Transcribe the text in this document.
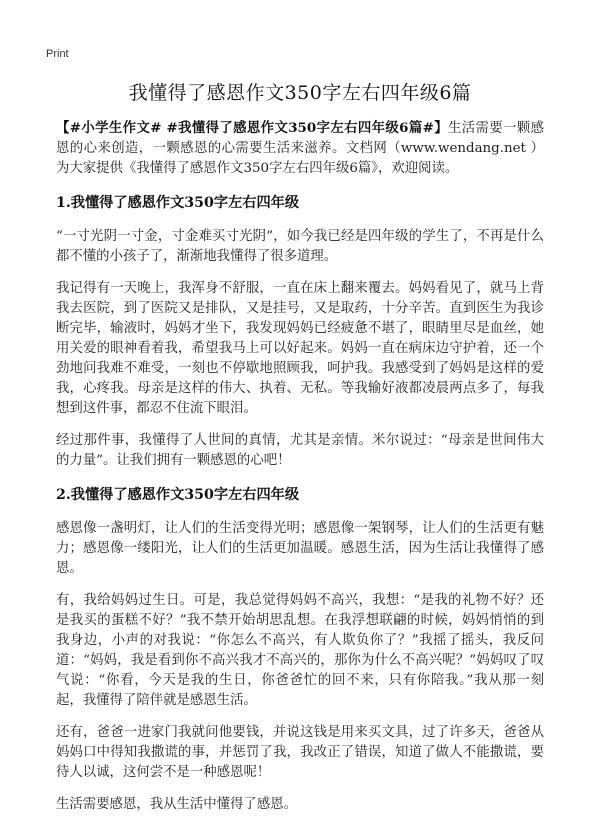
Print
我懂得了感恩作文350字左右四年级6篇

【#小学生作文# #我懂得了感恩作文350字左右四年级6篇#】生活需要一颗感恩的心来创造，一颗感恩的心需要生活来滋养。文档网（www.wendang.net ）为大家提供《我懂得了感恩作文350字左右四年级6篇》，欢迎阅读。

1.我懂得了感恩作文350字左右四年级

“一寸光阴一寸金，寸金难买寸光阴”，如今我已经是四年级的学生了，不再是什么都不懂的小孩子了，渐渐地我懂得了很多道理。

我记得有一天晚上，我浑身不舒服，一直在床上翻来覆去。妈妈看见了，就马上背我去医院，到了医院又是排队，又是挂号，又是取药，十分辛苦。直到医生为我诊断完毕，输液时，妈妈才坐下，我发现妈妈已经疲惫不堪了，眼睛里尽是血丝，她用关爱的眼神看着我，希望我马上可以好起来。妈妈一直在病床边守护着，还一个劲地问我难不难受，一刻也不停歇地照顾我，呵护我。我感受到了妈妈是这样的爱我，心疼我。母亲是这样的伟大、执着、无私。等我输好液都凌晨两点多了，每我想到这件事，都忍不住流下眼泪。

经过那件事，我懂得了人世间的真情，尤其是亲情。米尔说过：“母亲是世间伟大的力量”。让我们拥有一颗感恩的心吧！

2.我懂得了感恩作文350字左右四年级

感恩像一盏明灯，让人们的生活变得光明；感恩像一架钢琴，让人们的生活更有魅力；感恩像一缕阳光，让人们的生活更加温暖。感恩生活，因为生活让我懂得了感恩。

有，我给妈妈过生日。可是，我总觉得妈妈不高兴，我想：“是我的礼物不好？还是我买的蛋糕不好？”我不禁开始胡思乱想。在我浮想联翩的时候，妈妈悄悄的到我身边，小声的对我说：“你怎么不高兴，有人欺负你了？”我摇了摇头，我反问道：“妈妈，我是看到你不高兴我才不高兴的，那你为什么不高兴呢？”妈妈叹了叹气说：“你看，今天是我的生日，你爸爸忙的回不来，只有你陪我。”我从那一刻起，我懂得了陪伴就是感恩生活。

还有，爸爸一进家门我就问他要钱，并说这钱是用来买文具，过了许多天，爸爸从妈妈口中得知我撒谎的事，并惩罚了我，我改正了错误，知道了做人不能撒谎，要待人以诚，这何尝不是一种感恩呢！

生活需要感恩，我从生活中懂得了感恩。
